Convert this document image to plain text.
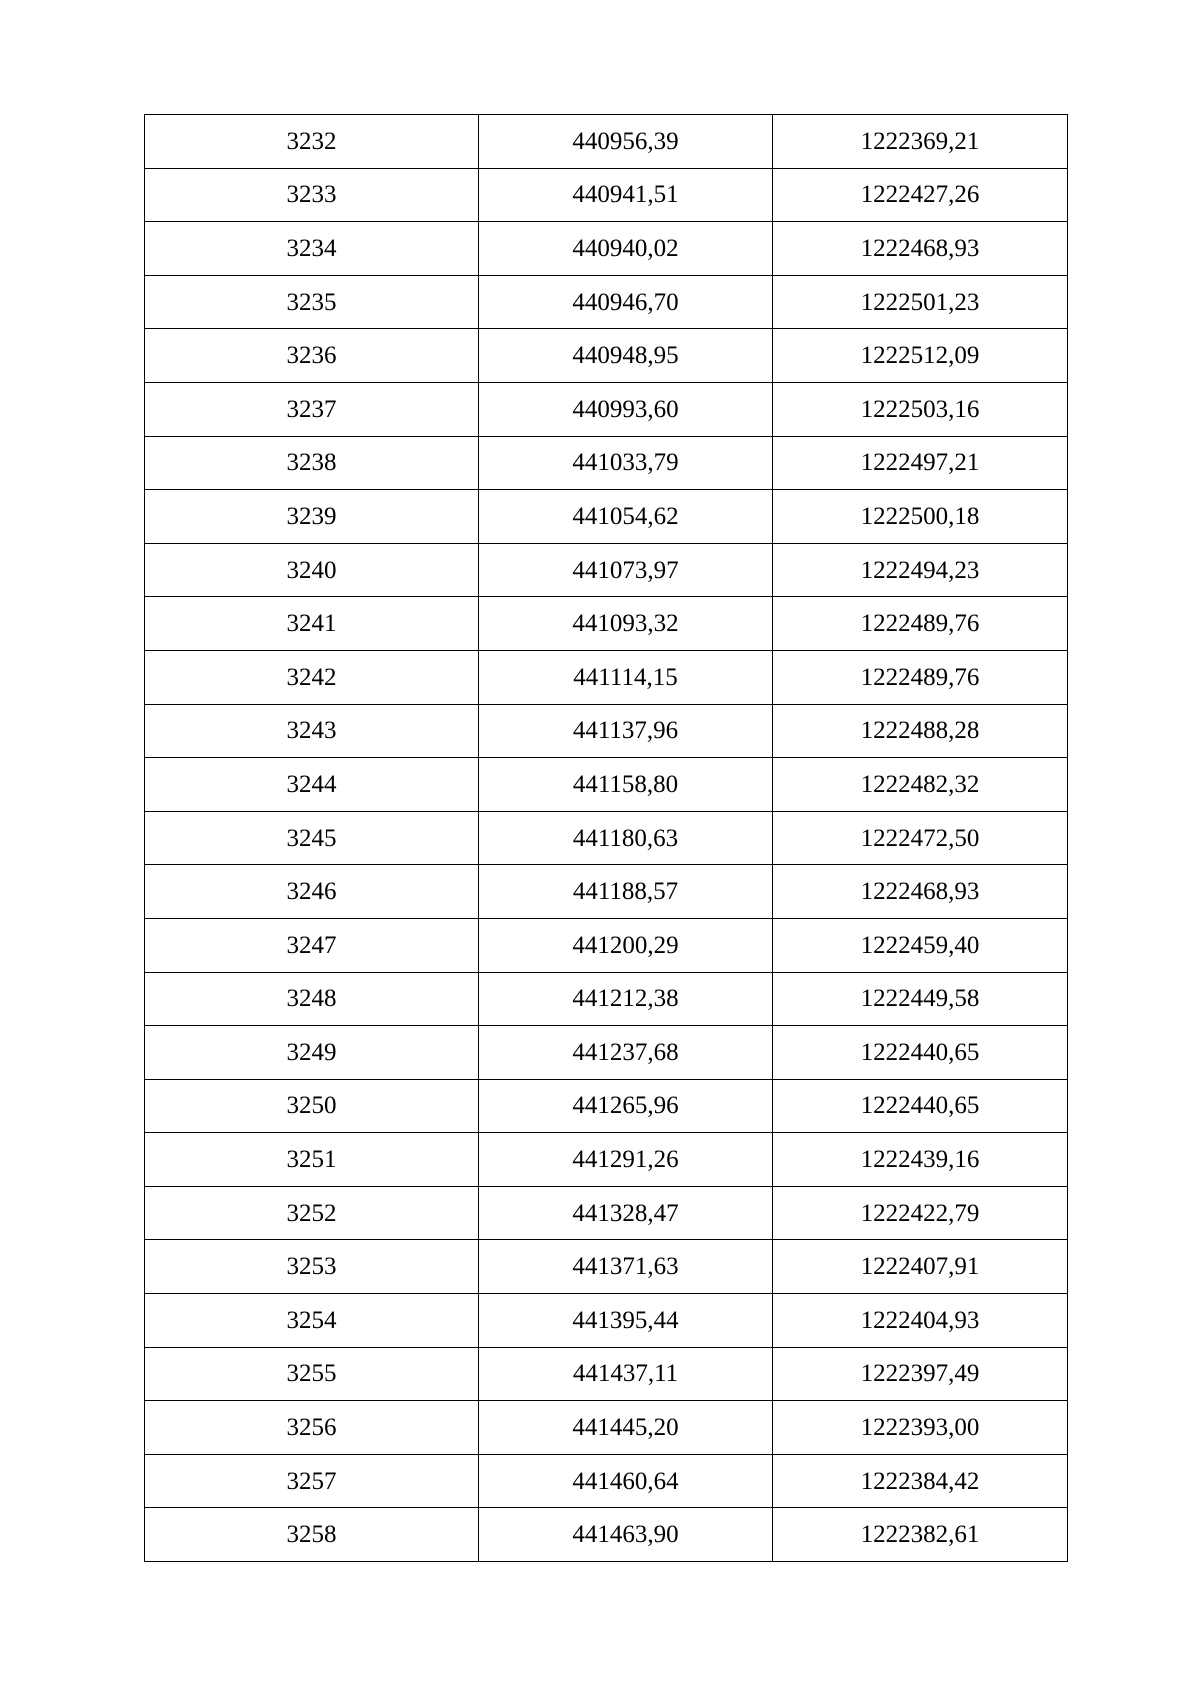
3232	440956,39	1222369,21
3233	440941,51	1222427,26
3234	440940,02	1222468,93
3235	440946,70	1222501,23
3236	440948,95	1222512,09
3237	440993,60	1222503,16
3238	441033,79	1222497,21
3239	441054,62	1222500,18
3240	441073,97	1222494,23
3241	441093,32	1222489,76
3242	441114,15	1222489,76
3243	441137,96	1222488,28
3244	441158,80	1222482,32
3245	441180,63	1222472,50
3246	441188,57	1222468,93
3247	441200,29	1222459,40
3248	441212,38	1222449,58
3249	441237,68	1222440,65
3250	441265,96	1222440,65
3251	441291,26	1222439,16
3252	441328,47	1222422,79
3253	441371,63	1222407,91
3254	441395,44	1222404,93
3255	441437,11	1222397,49
3256	441445,20	1222393,00
3257	441460,64	1222384,42
3258	441463,90	1222382,61
